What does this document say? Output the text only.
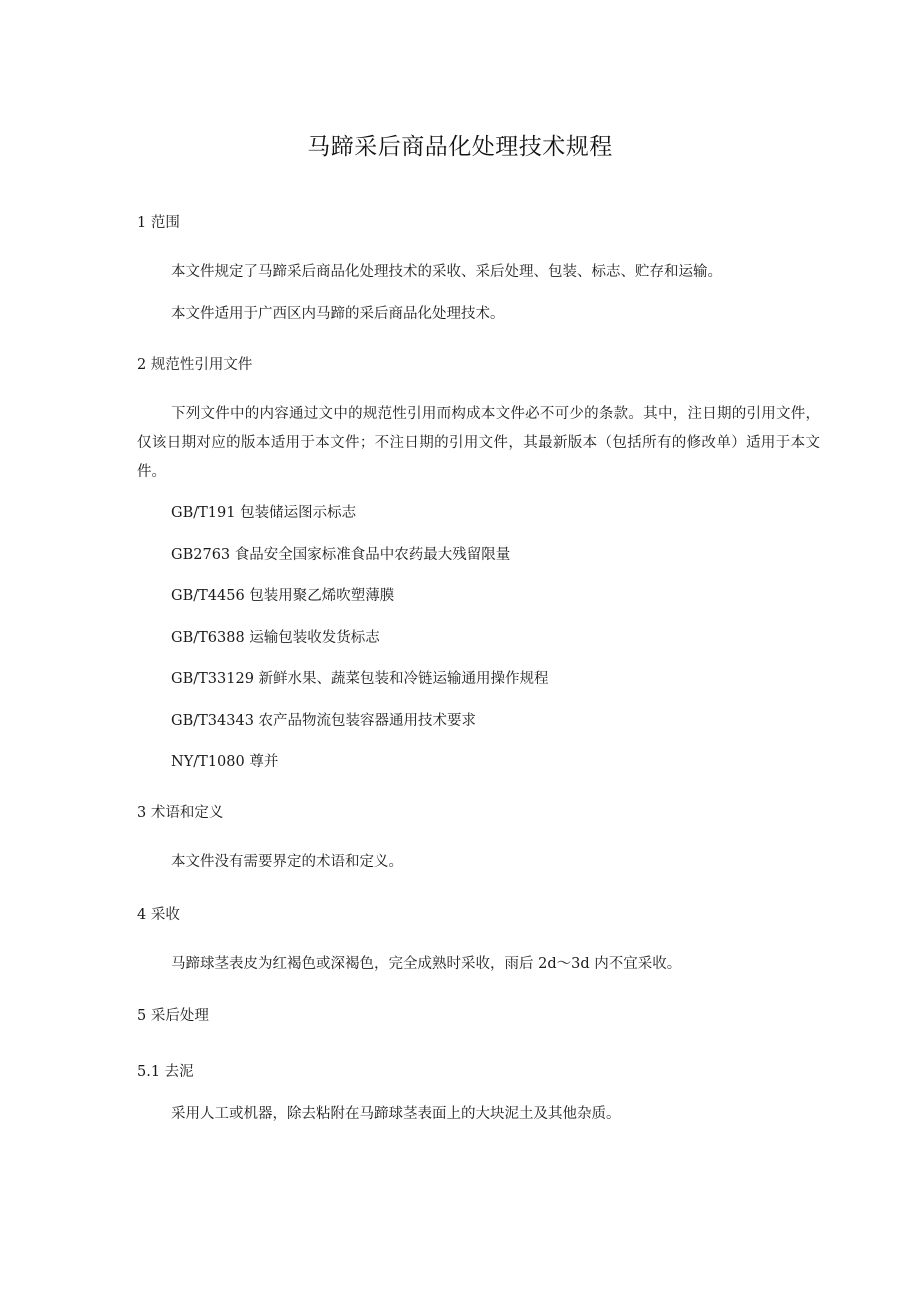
马蹄采后商品化处理技术规程
1 范围
本文件规定了马蹄采后商品化处理技术的采收、采后处理、包装、标志、贮存和运输。
本文件适用于广西区内马蹄的采后商品化处理技术。
2 规范性引用文件
下列文件中的内容通过文中的规范性引用而构成本文件必不可少的条款。其中，注日期的引用文件，仅该日期对应的版本适用于本文件；不注日期的引用文件，其最新版本（包括所有的修改单）适用于本文件。
GB/T191 包装储运图示标志
GB2763 食品安全国家标准食品中农药最大残留限量
GB/T4456 包装用聚乙烯吹塑薄膜
GB/T6388 运输包装收发货标志
GB/T33129 新鲜水果、蔬菜包装和冷链运输通用操作规程
GB/T34343 农产品物流包装容器通用技术要求
NY/T1080 尊并
3 术语和定义
本文件没有需要界定的术语和定义。
4 采收
马蹄球茎表皮为红褐色或深褐色，完全成熟时采收，雨后 2d～3d 内不宜采收。
5 采后处理
5.1 去泥
采用人工或机器，除去粘附在马蹄球茎表面上的大块泥土及其他杂质。
